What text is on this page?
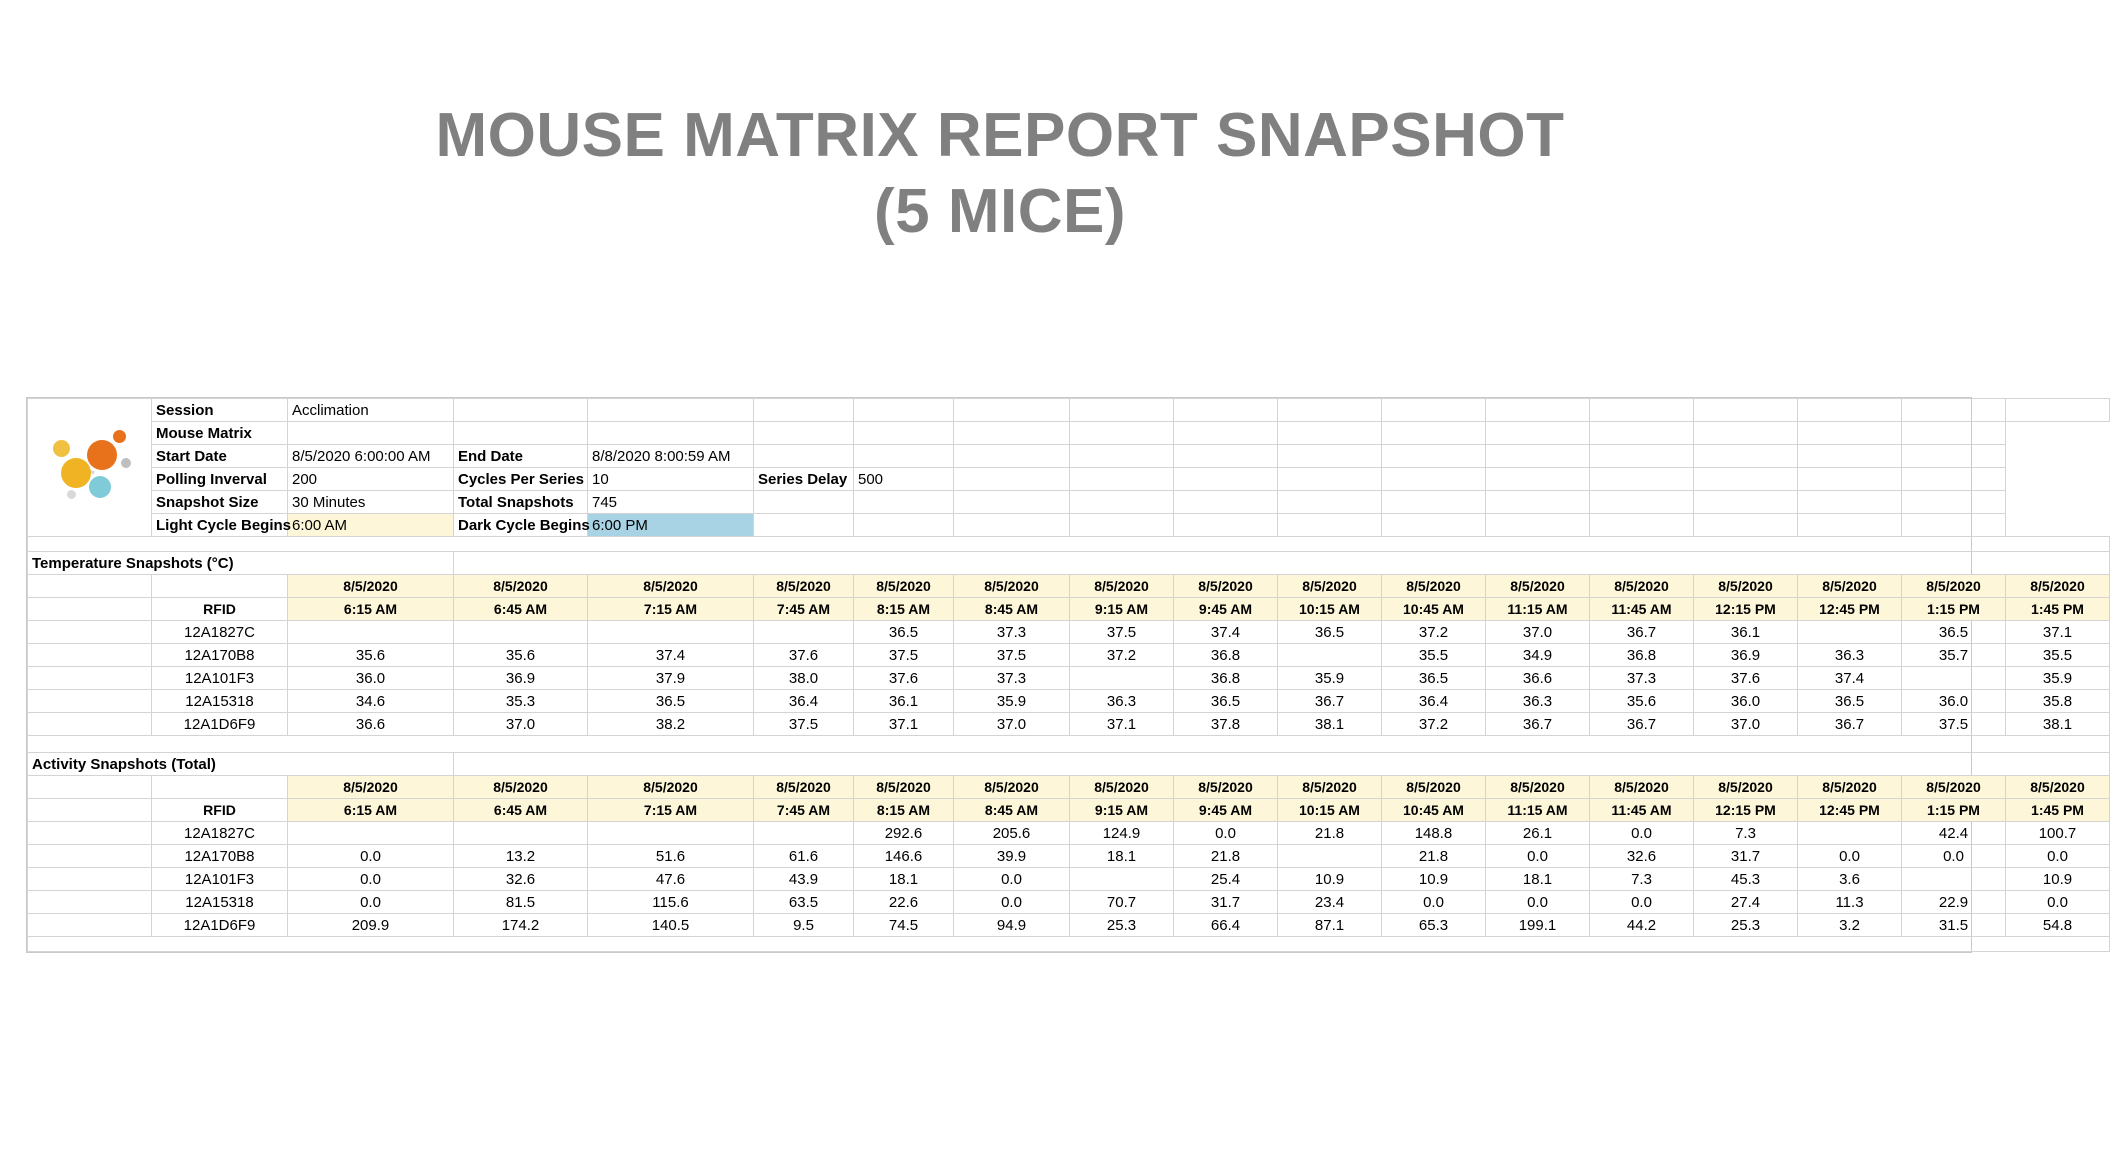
MOUSE MATRIX REPORT SNAPSHOT
(5 MICE)
	Session	Acclimation															
	Mouse Matrix																
	Start Date	8/5/2020 6:00:00 AM	End Date	8/8/2020 8:00:59 AM													
	Polling Inverval	200	Cycles Per Series	10	Series Delay	500											
	Snapshot Size	30 Minutes	Total Snapshots	745													
	Light Cycle Begins	6:00 AM	Dark Cycle Begins	6:00 PM													

Temperature Snapshots (°C)																	
		8/5/2020	8/5/2020	8/5/2020	8/5/2020	8/5/2020	8/5/2020	8/5/2020	8/5/2020	8/5/2020	8/5/2020	8/5/2020	8/5/2020	8/5/2020	8/5/2020	8/5/2020	8/5/2020
	RFID	6:15 AM	6:45 AM	7:15 AM	7:45 AM	8:15 AM	8:45 AM	9:15 AM	9:45 AM	10:15 AM	10:45 AM	11:15 AM	11:45 AM	12:15 PM	12:45 PM	1:15 PM	1:45 PM
	12A1827C					36.5	37.3	37.5	37.4	36.5	37.2	37.0	36.7	36.1		36.5	37.1
	12A170B8	35.6	35.6	37.4	37.6	37.5	37.5	37.2	36.8		35.5	34.9	36.8	36.9	36.3	35.7	35.5
	12A101F3	36.0	36.9	37.9	38.0	37.6	37.3		36.8	35.9	36.5	36.6	37.3	37.6	37.4		35.9
	12A15318	34.6	35.3	36.5	36.4	36.1	35.9	36.3	36.5	36.7	36.4	36.3	35.6	36.0	36.5	36.0	35.8
	12A1D6F9	36.6	37.0	38.2	37.5	37.1	37.0	37.1	37.8	38.1	37.2	36.7	36.7	37.0	36.7	37.5	38.1

Activity Snapshots (Total)																	
		8/5/2020	8/5/2020	8/5/2020	8/5/2020	8/5/2020	8/5/2020	8/5/2020	8/5/2020	8/5/2020	8/5/2020	8/5/2020	8/5/2020	8/5/2020	8/5/2020	8/5/2020	8/5/2020
	RFID	6:15 AM	6:45 AM	7:15 AM	7:45 AM	8:15 AM	8:45 AM	9:15 AM	9:45 AM	10:15 AM	10:45 AM	11:15 AM	11:45 AM	12:15 PM	12:45 PM	1:15 PM	1:45 PM
	12A1827C					292.6	205.6	124.9	0.0	21.8	148.8	26.1	0.0	7.3		42.4	100.7
	12A170B8	0.0	13.2	51.6	61.6	146.6	39.9	18.1	21.8		21.8	0.0	32.6	31.7	0.0	0.0	0.0
	12A101F3	0.0	32.6	47.6	43.9	18.1	0.0		25.4	10.9	10.9	18.1	7.3	45.3	3.6		10.9
	12A15318	0.0	81.5	115.6	63.5	22.6	0.0	70.7	31.7	23.4	0.0	0.0	0.0	27.4	11.3	22.9	0.0
	12A1D6F9	209.9	174.2	140.5	9.5	74.5	94.9	25.3	66.4	87.1	65.3	199.1	44.2	25.3	3.2	31.5	54.8
